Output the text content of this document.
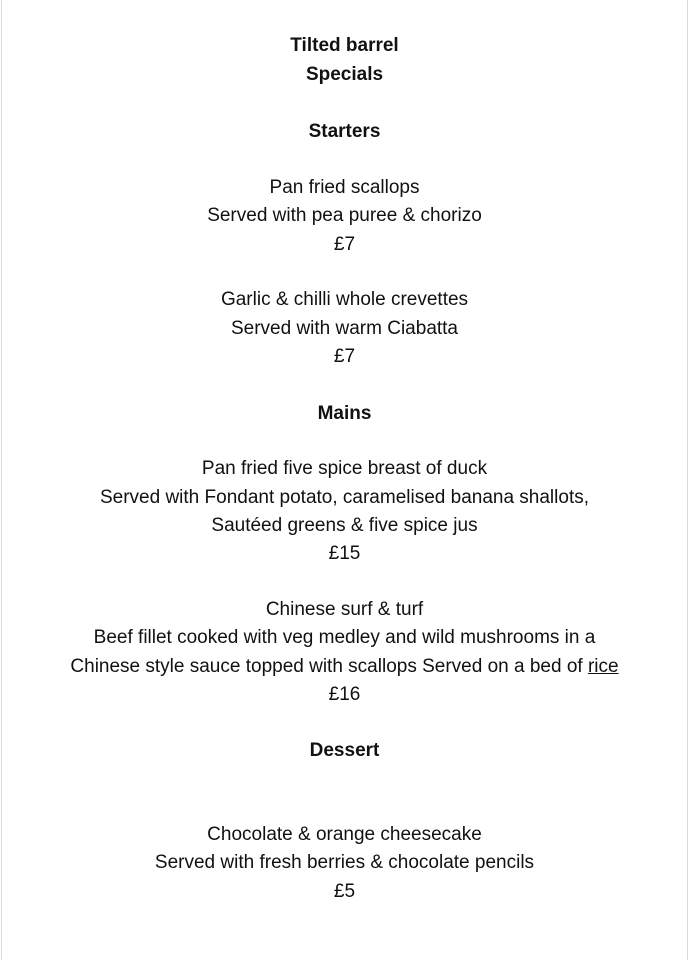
Tilted barrel
Specials
Starters
Pan fried scallops
Served with pea puree & chorizo
£7
Garlic & chilli whole crevettes
Served with warm Ciabatta
£7
Mains
Pan fried five spice breast of duck
Served with Fondant potato, caramelised banana shallots,
Sautéed greens & five spice jus
£15
Chinese surf & turf
Beef fillet cooked with veg medley and wild mushrooms in a
Chinese style sauce topped with scallops Served on a bed of rice
£16
Dessert
Chocolate & orange cheesecake
Served with fresh berries & chocolate pencils
£5
